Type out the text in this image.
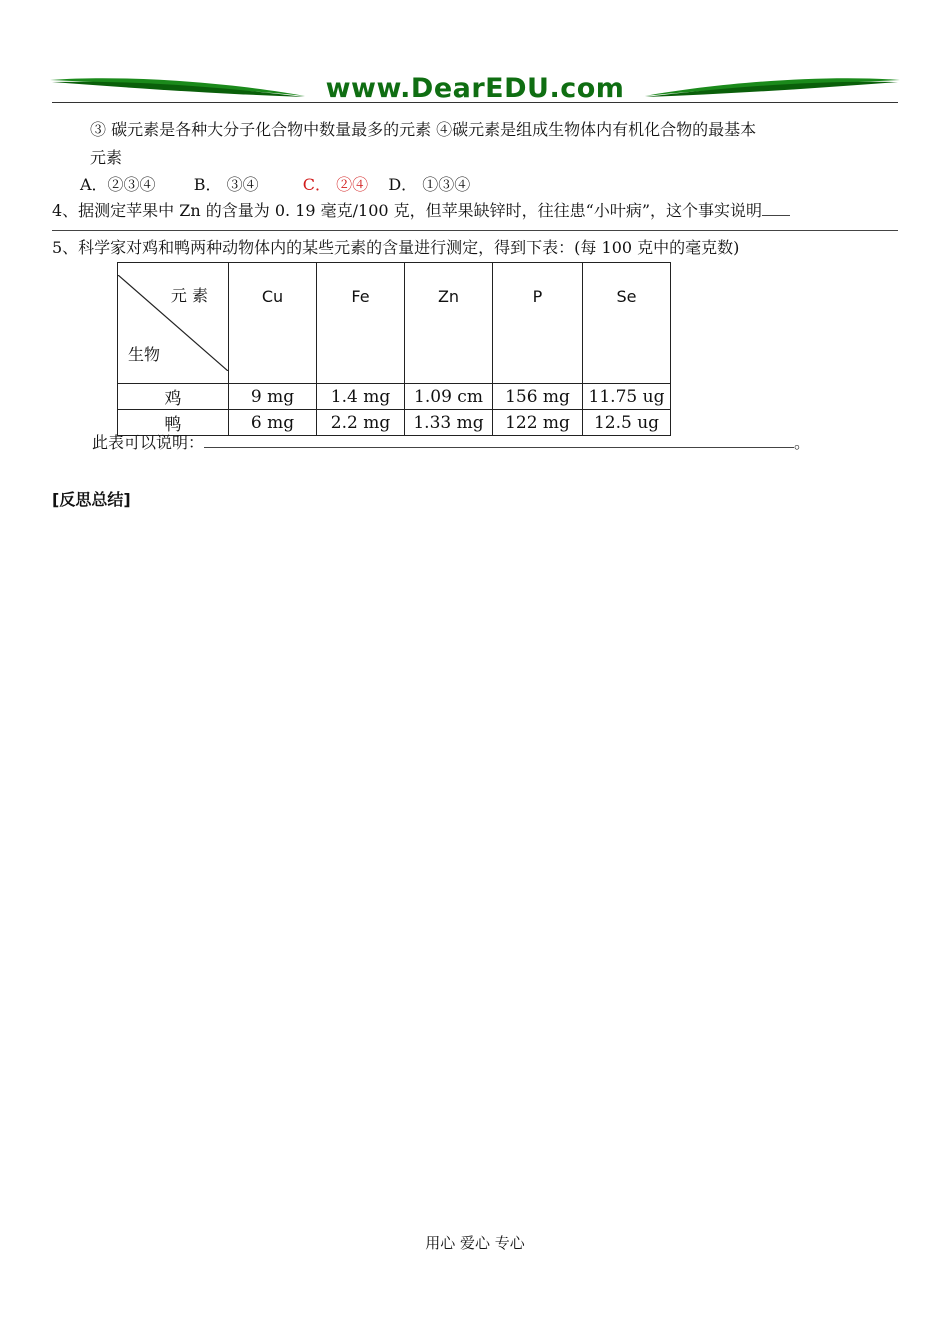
www.DearEDU.com
③ 碳元素是各种大分子化合物中数量最多的元素 ④碳元素是组成生物体内有机化合物的最基本
元素
A．②③④ B． ③④	C． ②④ D． ①③④
4、据测定苹果中 Zn 的含量为 0. 19 毫克/100 克，但苹果缺锌时，往往患“小叶病”，这个事实说明
5、科学家对鸡和鸭两种动物体内的某些元素的含量进行测定，得到下表：(每 100 克中的毫克数)
元 素
生物	Cu	Fe	Zn	P	Se
鸡	9 mg	1.4 mg	1.09 cm	156 mg	11.75 ug
鸭	6 mg	2.2 mg	1.33 mg	122 mg	12.5 ug
此表可以说明：	。
[反思总结]
用心 爱心 专心
